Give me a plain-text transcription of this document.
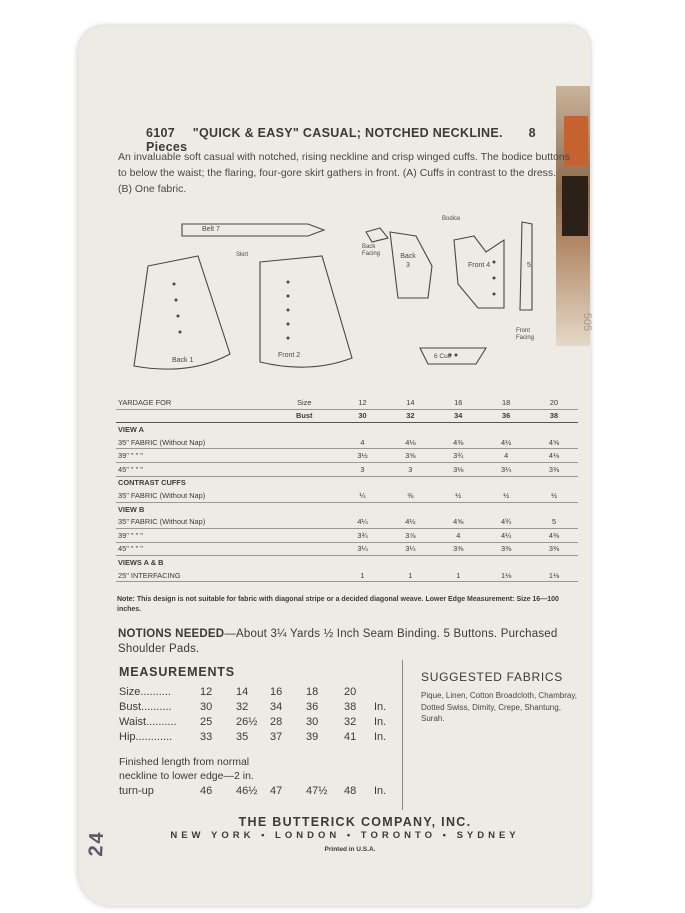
6107 "QUICK & EASY" CASUAL; NOTCHED NECKLINE. 8 Pieces
An invaluable soft casual with notched, rising neckline and crisp winged cuffs. The bodice buttons to below the waist; the flaring, four-gore skirt gathers in front. (A) Cuffs in contrast to the dress. (B) One fabric.
Belt 7
Skirt
Back 1
Front 2
Back Facing
Bodice
Back 3	Front 4	5
Front Facing
6 Cuff
YARDAGE FOR	Size	12	14	16	18	20
	Bust	30	32	34	36	38
VIEW A						
35" FABRIC (Without Nap)		4	4⅛	4⅜	4½	4⅝
39" " " "		3½	3⅝	3¾	4	4⅛
45" " " "		3	3	3⅛	3¼	3⅜
CONTRAST CUFFS						
35" FABRIC (Without Nap)		¼	⅜	½	½	½
VIEW B						
35" FABRIC (Without Nap)		4¼	4½	4⅝	4¾	5
39" " " "		3¾	3⅞	4	4¼	4⅜
45" " " "		3¼	3¼	3⅜	3⅜	3⅜
VIEWS A & B						
25" INTERFACING		1	1	1	1⅛	1⅛
Note: This design is not suitable for fabric with diagonal stripe or a decided diagonal weave. Lower Edge Measurement: Size 16—100 inches.
NOTIONS NEEDED—About 3¼ Yards ½ Inch Seam Binding. 5 Buttons. Purchased Shoulder Pads.
MEASUREMENTS
Size..........	12 14 16 18 20
Bust..........	30 32 34 36 38 In.
Waist.......... 25 26½ 28 30 32 In.
Hip............	33 35 37 39 41 In.
turn-up	46 46½ 47 47½ 48 In.
Finished length from normal
neckline to lower edge—2 in.
SUGGESTED FABRICS
Pique, Linen, Cotton Broadcloth, Chambray, Dotted Swiss, Dimity, Crepe, Shantung, Surah.
THE BUTTERICK COMPANY, INC.
NEW YORK • LONDON • TORONTO • SYDNEY
Printed in U.S.A.
24
505
